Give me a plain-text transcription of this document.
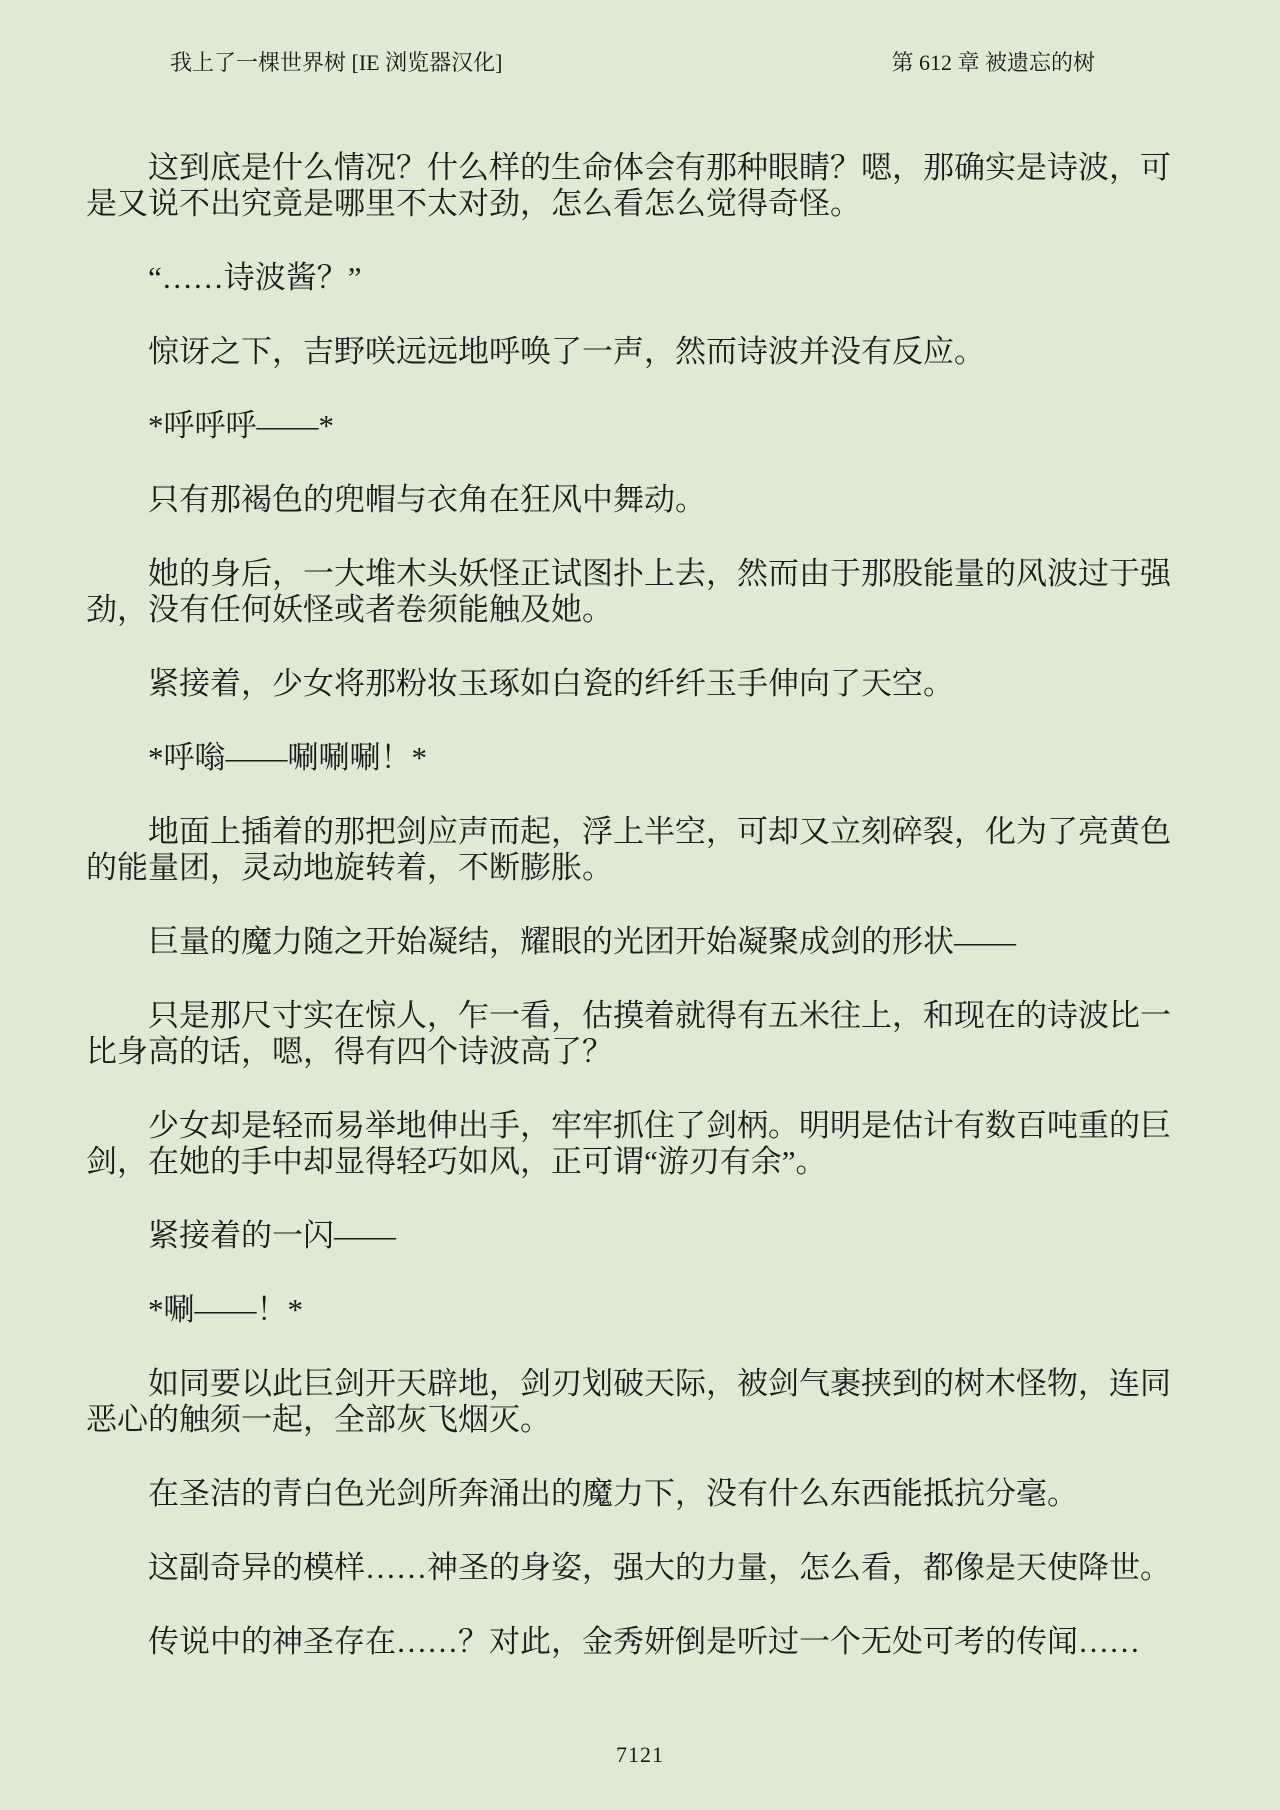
我上了一棵世界树 [IE 浏览器汉化]	第 612 章 被遗忘的树

这到底是什么情况？什么样的生命体会有那种眼睛？嗯，那确实是诗波，可是又说不出究竟是哪里不太对劲，怎么看怎么觉得奇怪。

“……诗波酱？”

惊讶之下，吉野咲远远地呼唤了一声，然而诗波并没有反应。

*呼呼呼——*

只有那褐色的兜帽与衣角在狂风中舞动。

她的身后，一大堆木头妖怪正试图扑上去，然而由于那股能量的风波过于强劲，没有任何妖怪或者卷须能触及她。

紧接着，少女将那粉妆玉琢如白瓷的纤纤玉手伸向了天空。

*呼嗡——唰唰唰！*

地面上插着的那把剑应声而起，浮上半空，可却又立刻碎裂，化为了亮黄色的能量团，灵动地旋转着，不断膨胀。

巨量的魔力随之开始凝结，耀眼的光团开始凝聚成剑的形状——

只是那尺寸实在惊人，乍一看，估摸着就得有五米往上，和现在的诗波比一比身高的话，嗯，得有四个诗波高了？

少女却是轻而易举地伸出手，牢牢抓住了剑柄。明明是估计有数百吨重的巨剑，在她的手中却显得轻巧如风，正可谓“游刃有余”。

紧接着的一闪——

*唰——！*

如同要以此巨剑开天辟地，剑刃划破天际，被剑气裹挟到的树木怪物，连同恶心的触须一起，全部灰飞烟灭。

在圣洁的青白色光剑所奔涌出的魔力下，没有什么东西能抵抗分毫。

这副奇异的模样……神圣的身姿，强大的力量，怎么看，都像是天使降世。

传说中的神圣存在……？对此，金秀妍倒是听过一个无处可考的传闻……

7121
